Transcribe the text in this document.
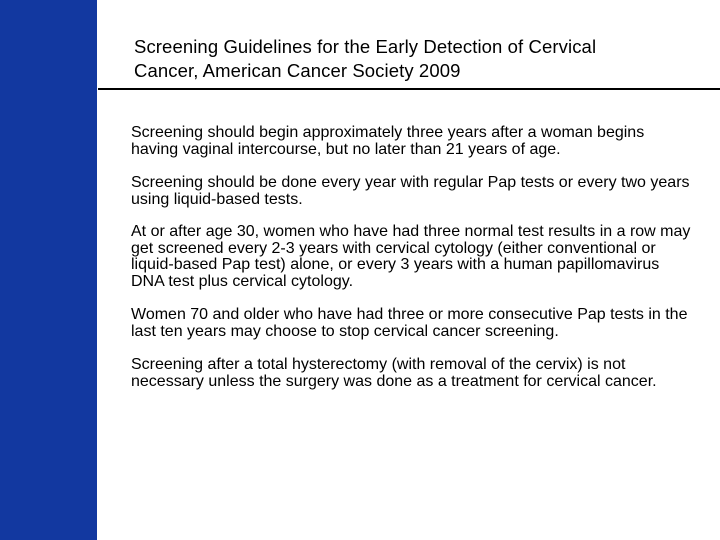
Screening Guidelines for the Early Detection of Cervical
Cancer, American Cancer Society 2009

Screening should begin approximately three years after a woman begins having vaginal intercourse, but no later than 21 years of age.

Screening should be done every year with regular Pap tests or every two years using liquid-based tests.

At or after age 30, women who have had three normal test results in a row may get screened every 2-3 years with cervical cytology (either conventional or liquid-based Pap test) alone, or every 3 years with a human papillomavirus DNA test plus cervical cytology.

Women 70 and older who have had three or more consecutive Pap tests in the last ten years may choose to stop cervical cancer screening.

Screening after a total hysterectomy (with removal of the cervix) is not necessary unless the surgery was done as a treatment for cervical cancer.
